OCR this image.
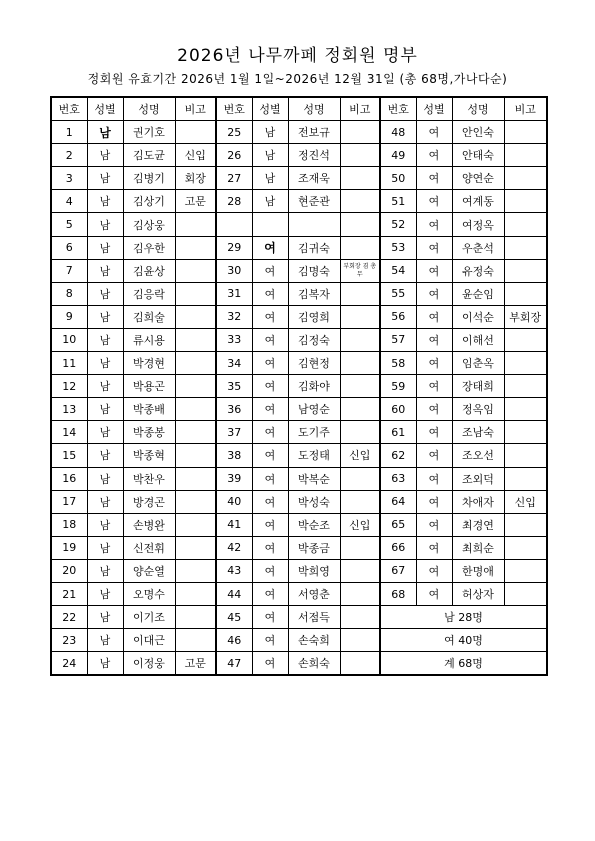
2026년 나무까페 정회원 명부
정회원 유효기간 2026년 1월 1일~2026년 12월 31일 (총 68명,가나다순)
번호	성별	성명	비고	번호	성별	성명	비고	번호	성별	성명	비고
1	남	권기호		25	남	전보규		48	여	안인숙	
2	남	김도균	신입	26	남	정진석		49	여	안태숙	
3	남	김병기	회장	27	남	조재욱		50	여	양연순	
4	남	김상기	고문	28	남	현준관		51	여	여계동	
5	남	김상웅						52	여	여정옥	
6	남	김우한		29	여	김귀숙		53	여	우춘석	
7	남	김윤상		30	여	김명숙	부회장 겸 총무	54	여	유정숙	
8	남	김응락		31	여	김복자		55	여	윤순임	
9	남	김희술		32	여	김영희		56	여	이석순	부회장
10	남	류시용		33	여	김정숙		57	여	이해선	
11	남	박경현		34	여	김현정		58	여	임춘옥	
12	남	박용곤		35	여	김화야		59	여	장태희	
13	남	박종배		36	여	남영순		60	여	정옥임	
14	남	박종봉		37	여	도기주		61	여	조남숙	
15	남	박종혁		38	여	도정태	신입	62	여	조오선	
16	남	박찬우		39	여	박복순		63	여	조외덕	
17	남	방경곤		40	여	박성숙		64	여	차애자	신입
18	남	손병완		41	여	박순조	신입	65	여	최경연	
19	남	신전휘		42	여	박종금		66	여	최희순	
20	남	양순열		43	여	박희영		67	여	한명애	
21	남	오명수		44	여	서영춘		68	여	허상자	
22	남	이기조		45	여	서점득		남 28명			
23	남	이대근		46	여	손숙희		여 40명			
24	남	이정웅	고문	47	여	손희숙		계 68명			
